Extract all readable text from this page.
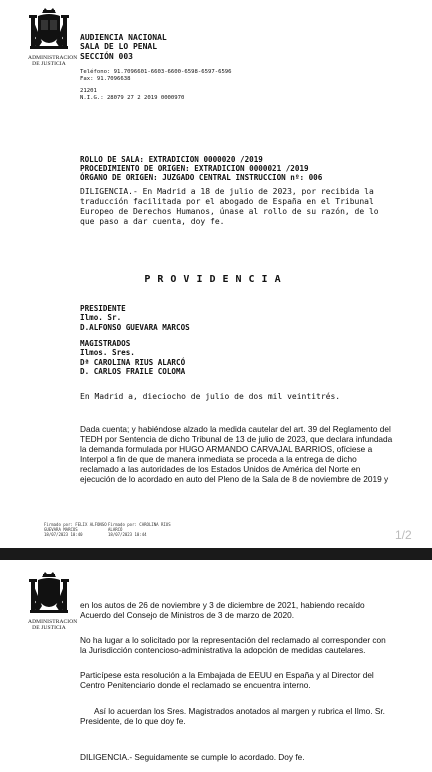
ADMINISTRACION
DE JUSTICIA
AUDIENCIA NACIONAL
SALA DE LO PENAL
SECCIÓN 003
Teléfono: 91.7096601-6603-6600-6598-6597-6596
Fax: 91.7096638
21201
N.I.G.: 28079 27 2 2019 0000970
ROLLO DE SALA: EXTRADICION 0000020 /2019
PROCEDIMIENTO DE ORIGEN: EXTRADICION 0000021 /2019
ÓRGANO DE ORIGEN: JUZGADO CENTRAL INSTRUCCION nº: 006
DILIGENCIA.- En Madrid a 18 de julio de 2023, por recibida la
traducción facilitada por el abogado de España en el Tribunal
Europeo de Derechos Humanos, únase al rollo de su razón, de lo
que paso a dar cuenta, doy fe.
PROVIDENCIA
PRESIDENTE
Ilmo. Sr.
D.ALFONSO GUEVARA MARCOS
MAGISTRADOS
Ilmos. Sres.
Dª CAROLINA RIUS ALARCÓ
D. CARLOS FRAILE COLOMA
En Madrid a, dieciocho de julio de dos mil veintitrés.
Dada cuenta; y habiéndose alzado la medida cautelar del art. 39 del Reglamento del
TEDH por Sentencia de dicho Tribunal de 13 de julio de 2023, que declara infundada
la demanda formulada por HUGO ARMANDO CARVAJAL BARRIOS, ofíciese a
Interpol a fin de que de manera inmediata se proceda a la entrega de dicho
reclamado a las autoridades de los Estados Unidos de América del Norte en
ejecución de lo acordado en auto del Pleno de la Sala de 8 de noviembre de 2019 y
Firmado por: FELIX ALFONSO
GUEVARA MARCOS
18/07/2023 10:40
Firmado por: CAROLINA RIUS
ALARCÓ
18/07/2023 10:44	1/2
ADMINISTRACION
DE JUSTICIA
en los autos de 26 de noviembre y 3 de diciembre de 2021, habiendo recaído
Acuerdo del Consejo de Ministros de 3 de marzo de 2020.
No ha lugar a lo solicitado por la representación del reclamado al corresponder con
la Jurisdicción contencioso-administrativa la adopción de medidas cautelares.
Particípese esta resolución a la Embajada de EEUU en España y al Director del
Centro Penitenciario donde el reclamado se encuentra interno.
Así lo acuerdan los Sres. Magistrados anotados al margen y rubrica el Ilmo. Sr.
Presidente, de lo que doy fe.
DILIGENCIA.- Seguidamente se cumple lo acordado. Doy fe.
